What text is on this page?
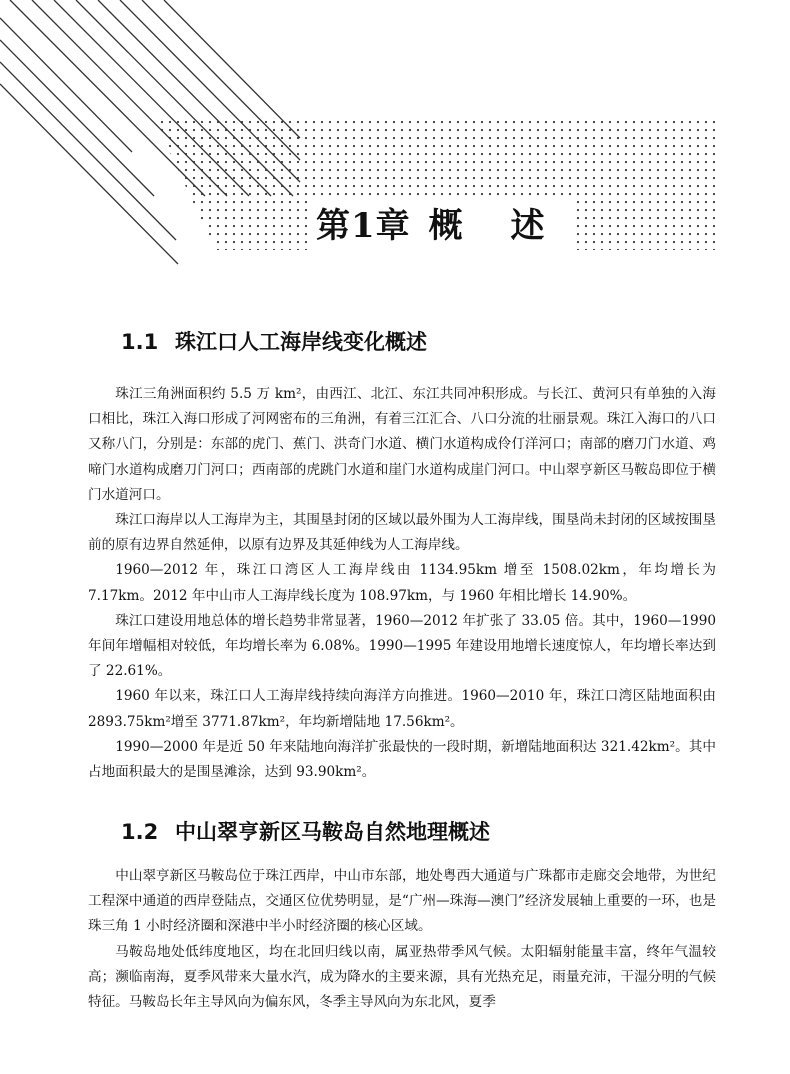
第1章 概 述
1.1 珠江口人工海岸线变化概述

珠江三角洲面积约 5.5 万 km²，由西江、北江、东江共同冲积形成。与长江、黄河只有单独的入海口相比，珠江入海口形成了河网密布的三角洲，有着三江汇合、八口分流的壮丽景观。珠江入海口的八口又称八门，分别是：东部的虎门、蕉门、洪奇门水道、横门水道构成伶仃洋河口；南部的磨刀门水道、鸡啼门水道构成磨刀门河口；西南部的虎跳门水道和崖门水道构成崖门河口。中山翠亨新区马鞍岛即位于横门水道河口。

珠江口海岸以人工海岸为主，其围垦封闭的区域以最外围为人工海岸线，围垦尚未封闭的区域按围垦前的原有边界自然延伸，以原有边界及其延伸线为人工海岸线。

1960—2012 年，珠江口湾区人工海岸线由 1134.95km 增至 1508.02km，年均增长为 7.17km。2012 年中山市人工海岸线长度为 108.97km，与 1960 年相比增长 14.90%。

珠江口建设用地总体的增长趋势非常显著，1960—2012 年扩张了 33.05 倍。其中，1960—1990 年间年增幅相对较低，年均增长率为 6.08%。1990—1995 年建设用地增长速度惊人，年均增长率达到了 22.61%。

1960 年以来，珠江口人工海岸线持续向海洋方向推进。1960—2010 年，珠江口湾区陆地面积由 2893.75km²增至 3771.87km²，年均新增陆地 17.56km²。

1990—2000 年是近 50 年来陆地向海洋扩张最快的一段时期，新增陆地面积达 321.42km²。其中占地面积最大的是围垦滩涂，达到 93.90km²。

1.2 中山翠亨新区马鞍岛自然地理概述

中山翠亨新区马鞍岛位于珠江西岸，中山市东部，地处粤西大通道与广珠都市走廊交会地带，为世纪工程深中通道的西岸登陆点，交通区位优势明显，是“广州—珠海—澳门”经济发展轴上重要的一环，也是珠三角 1 小时经济圈和深港中半小时经济圈的核心区域。

马鞍岛地处低纬度地区，均在北回归线以南，属亚热带季风气候。太阳辐射能量丰富，终年气温较高；濒临南海，夏季风带来大量水汽，成为降水的主要来源，具有光热充足，雨量充沛，干湿分明的气候特征。马鞍岛长年主导风向为偏东风，冬季主导风向为东北风，夏季
